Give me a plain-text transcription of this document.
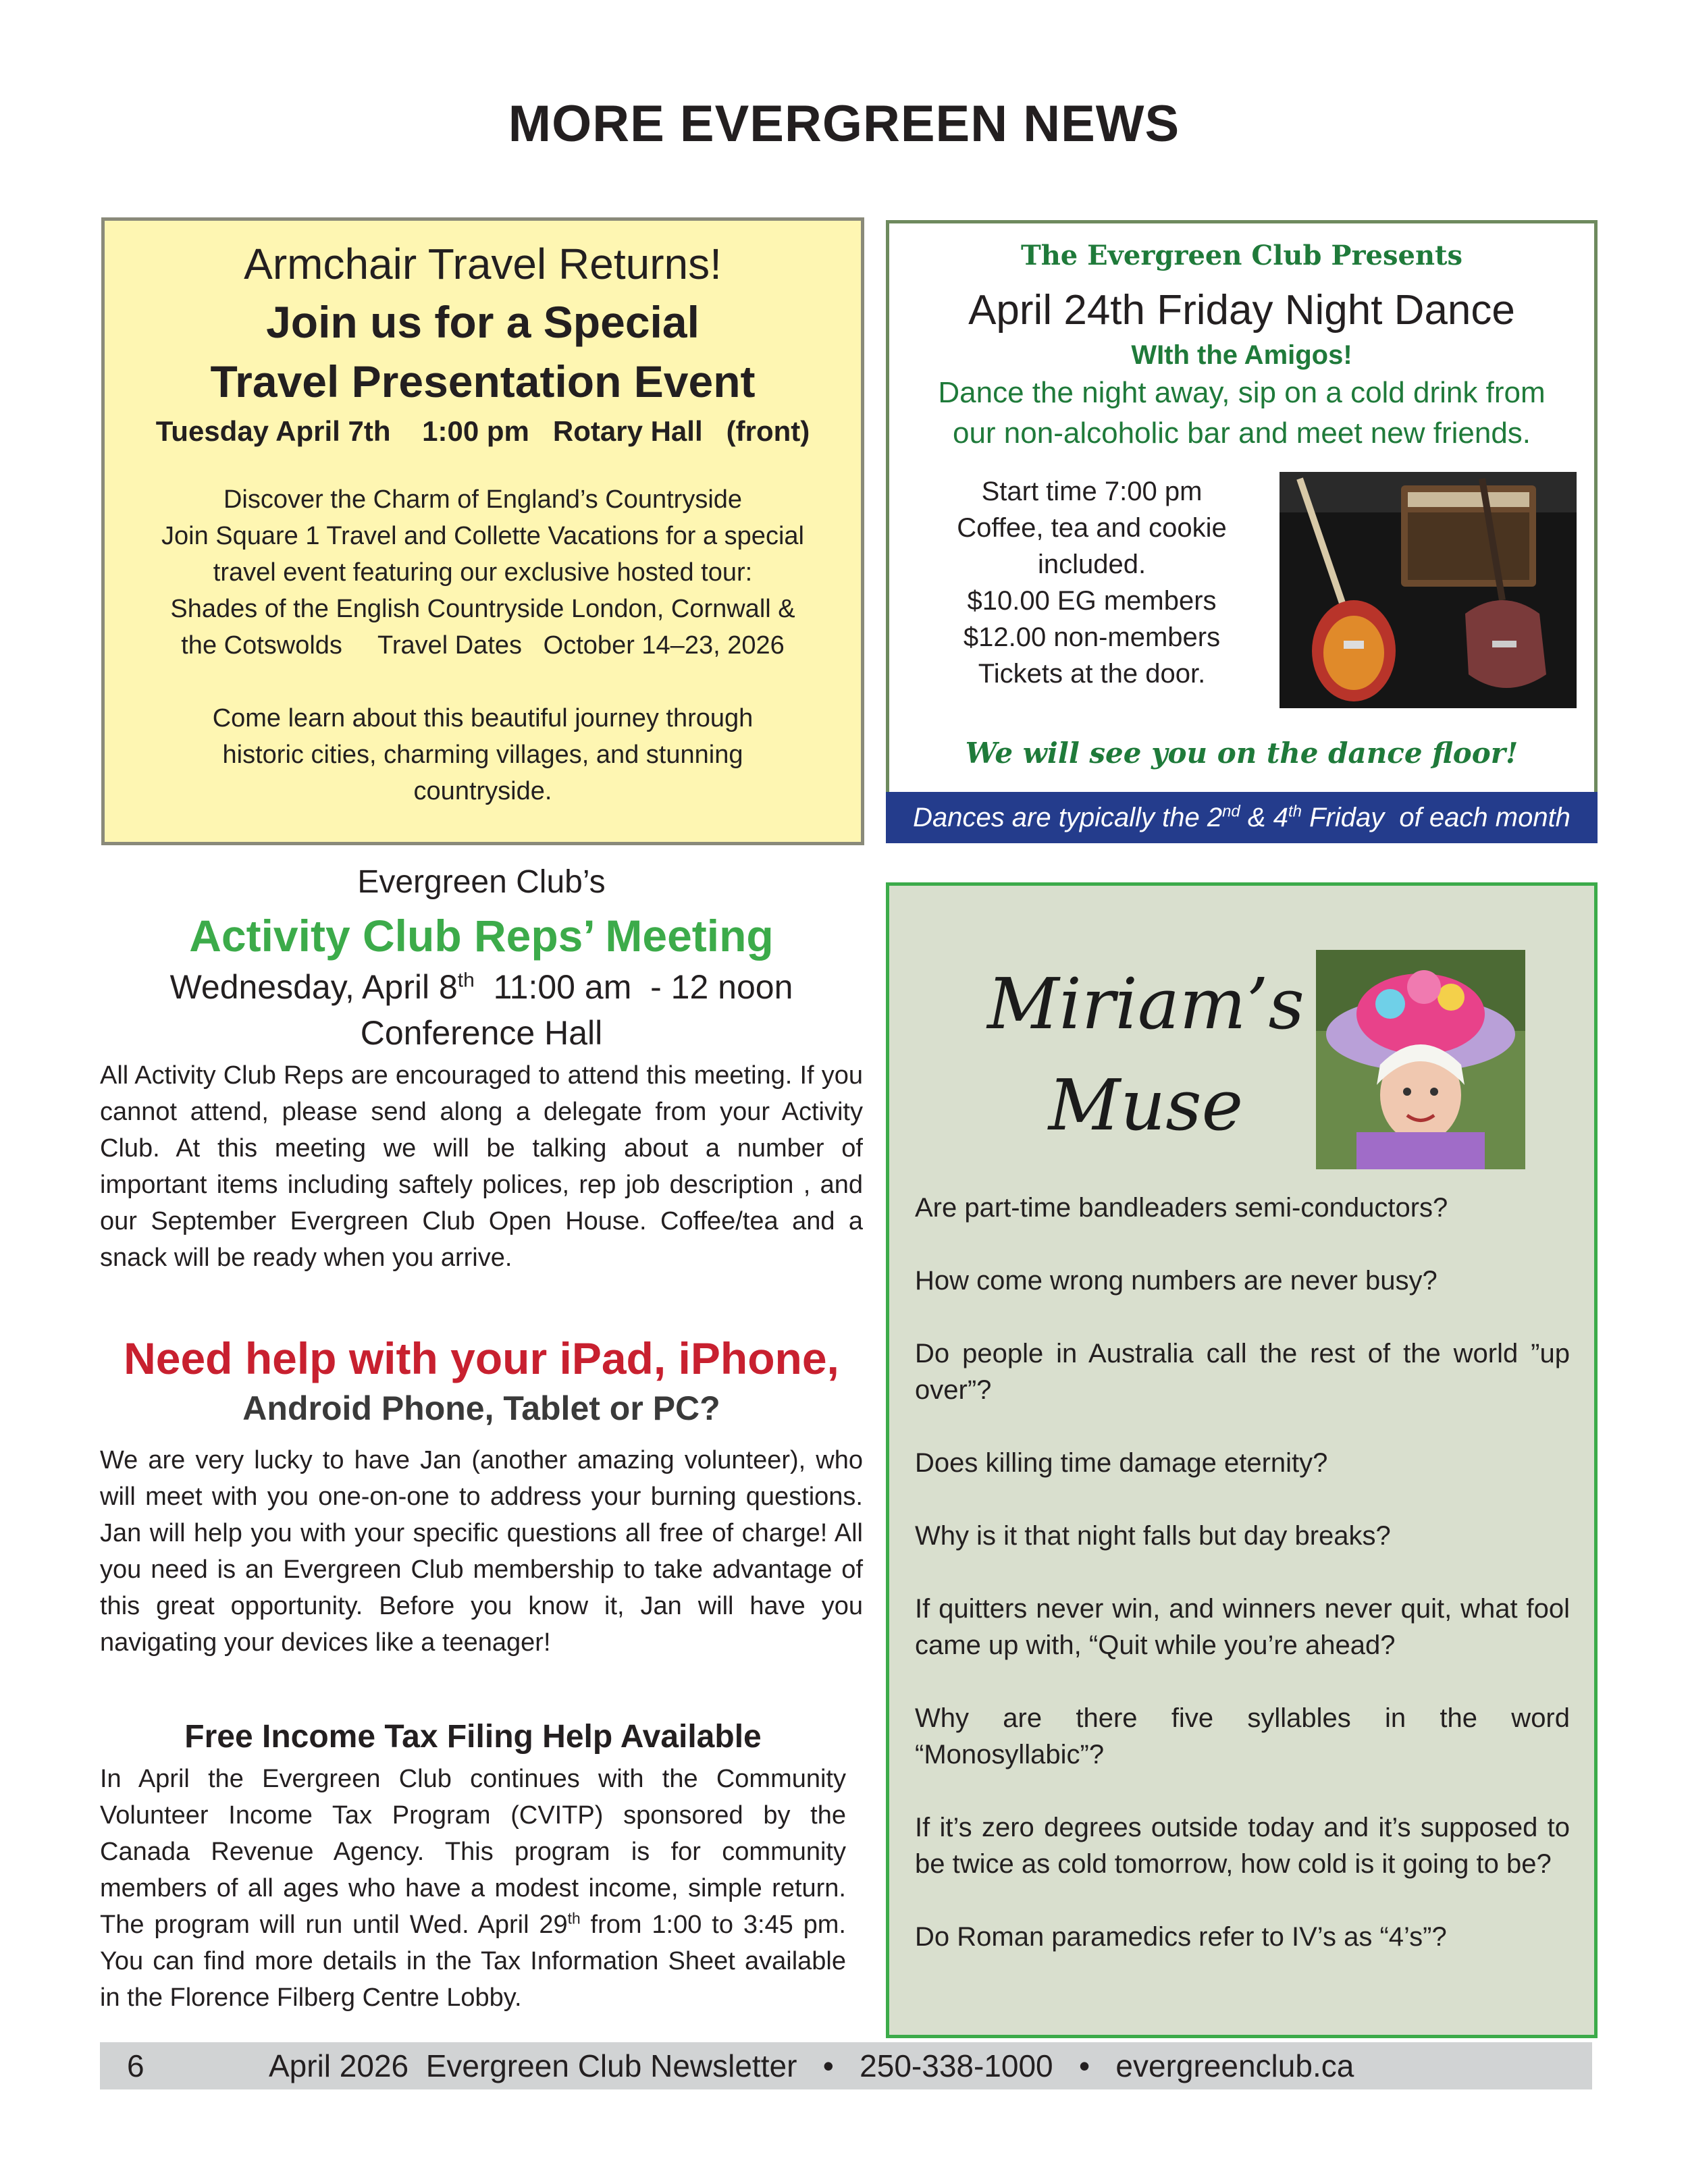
MORE EVERGREEN NEWS
Armchair Travel Returns!
Join us for a Special
Travel Presentation Event
Tuesday April 7th    1:00 pm   Rotary Hall   (front)
Discover the Charm of England’s Countryside
Join Square 1 Travel and Collette Vacations for a special
travel event featuring our exclusive hosted tour:
Shades of the English Countryside London, Cornwall &
the Cotswolds     Travel Dates   October 14–23, 2026
Come learn about this beautiful journey through
historic cities, charming villages, and stunning
countryside.
The Evergreen Club Presents
April 24th Friday Night Dance
WIth the Amigos!
Dance the night away, sip on a cold drink from
our non-alcoholic bar and meet new friends.
Start time 7:00 pm
Coffee, tea and cookie
included.
$10.00 EG members
$12.00 non-members
Tickets at the door.
We will see you on the dance floor!
Dances are typically the 2nd & 4th Friday  of each month
Evergreen Club’s
Activity Club Reps’ Meeting
Wednesday, April 8th  11:00 am  - 12 noon
Conference Hall
All Activity Club Reps are encouraged to attend this meeting. If you cannot attend, please send along a delegate from your Activity Club. At this meeting we will be talking about a number of important items including saftely polices, rep job description , and our September Evergreen Club Open House. Coffee/tea and a snack will be ready when you arrive.
Need help with your iPad, iPhone,
Android Phone, Tablet or PC?
We are very lucky to have Jan (another amazing volunteer), who will meet with you one-on-one to address your burning questions. Jan will help you with your specific questions all free of charge! All you need is an Evergreen Club membership to take advantage of this great opportunity. Before you know it, Jan will have you navigating your devices like a teenager!
Free Income Tax Filing Help Available
In April the Evergreen Club continues with the Community Volunteer Income Tax Program (CVITP) sponsored by the Canada Revenue Agency. This program is for community members of all ages who have a modest income, simple return. The program will run until Wed. April 29th from 1:00 to 3:45 pm. You can find more details in the Tax Information Sheet available in the Florence Filberg Centre Lobby.
Miriam’s
Muse

Are part-time bandleaders semi-conductors?

How come wrong numbers are never busy?

Do people in Australia call the rest of the world ”up over”?

Does killing time damage eternity?

Why is it that night falls but day breaks?

If quitters never win, and winners never quit, what fool came up with, “Quit while you’re ahead?

Why are there five syllables in the word “Monosyllabic”?

If it’s zero degrees outside today and it’s supposed to be twice as cold tomorrow, how cold is it going to be?

Do Roman paramedics refer to IV’s as “4’s”?

6	April 2026  Evergreen Club Newsletter   •   250-338-1000   •   evergreenclub.ca
